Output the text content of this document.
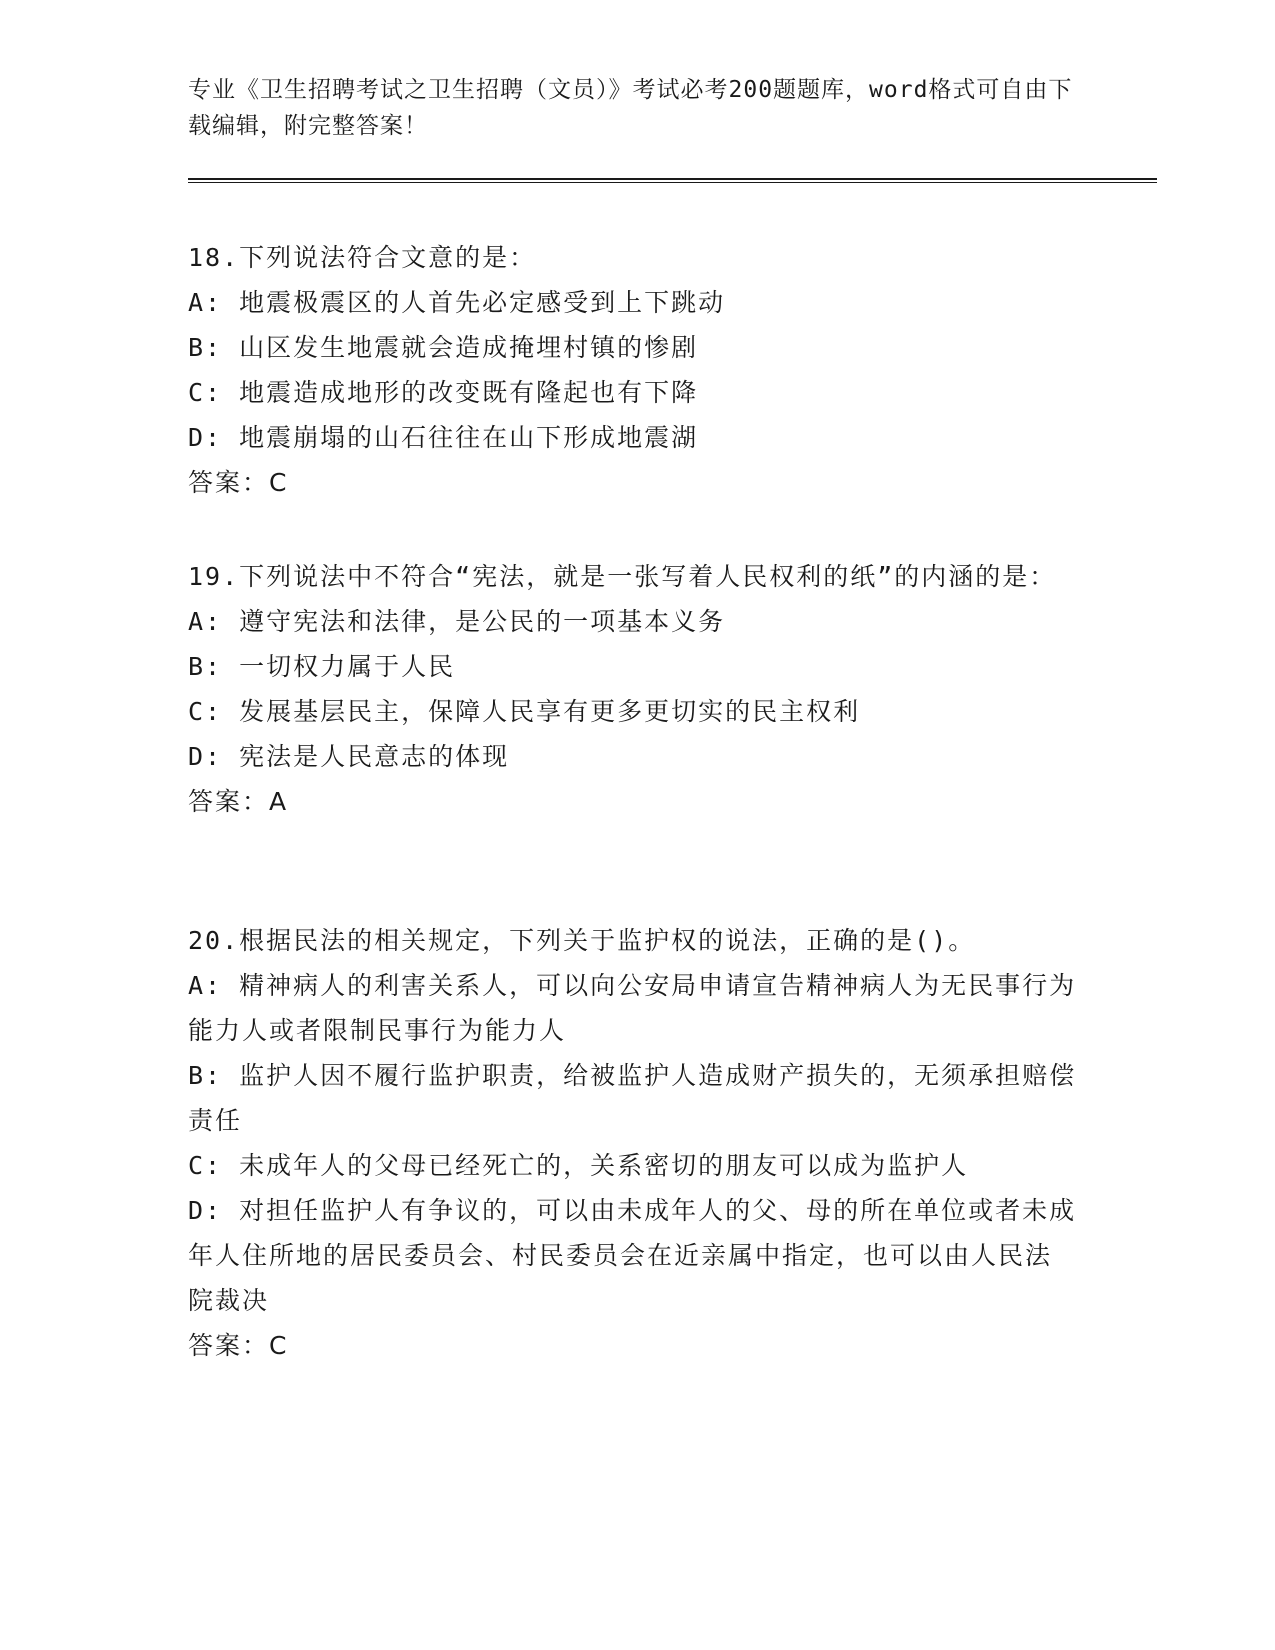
专业《卫生招聘考试之卫生招聘（文员）》考试必考200题题库，word格式可自由下载编辑，附完整答案！

18.下列说法符合文意的是：

A: 地震极震区的人首先必定感受到上下跳动

B: 山区发生地震就会造成掩埋村镇的惨剧

C: 地震造成地形的改变既有隆起也有下降

D: 地震崩塌的山石往往在山下形成地震湖

答案：C

19.下列说法中不符合“宪法，就是一张写着人民权利的纸”的内涵的是：

A: 遵守宪法和法律，是公民的一项基本义务

B: 一切权力属于人民

C: 发展基层民主，保障人民享有更多更切实的民主权利

D: 宪法是人民意志的体现

答案：A

20.根据民法的相关规定，下列关于监护权的说法，正确的是()。

A: 精神病人的利害关系人，可以向公安局申请宣告精神病人为无民事行为能力人或者限制民事行为能力人

B: 监护人因不履行监护职责，给被监护人造成财产损失的，无须承担赔偿责任

C: 未成年人的父母已经死亡的，关系密切的朋友可以成为监护人

D: 对担任监护人有争议的，可以由未成年人的父、母的所在单位或者未成年人住所地的居民委员会、村民委员会在近亲属中指定，也可以由人民法院裁决

答案：C
